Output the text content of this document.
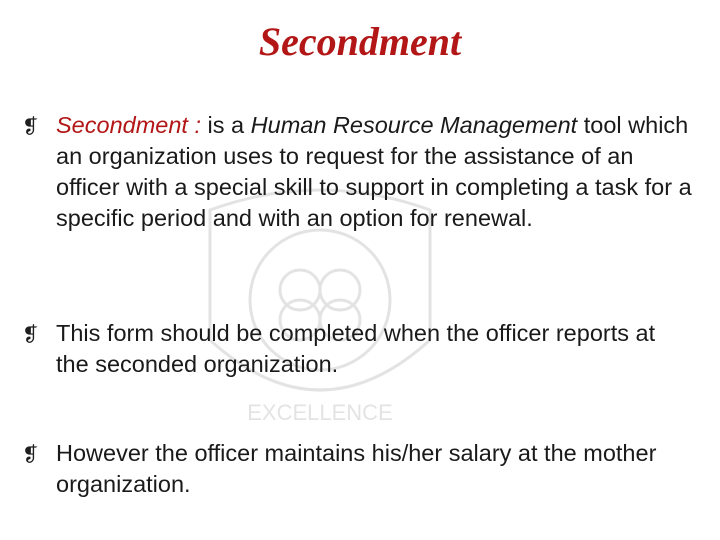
EXCELLENCE
Secondment
❡ Secondment : is a Human Resource Management tool which an organization uses to request for the assistance of an officer with a special skill to support in completing a task for a specific period and with an option for renewal.
❡ This form should be completed when the officer reports at the seconded organization.
❡ However the officer maintains his/her salary at the mother organization.
